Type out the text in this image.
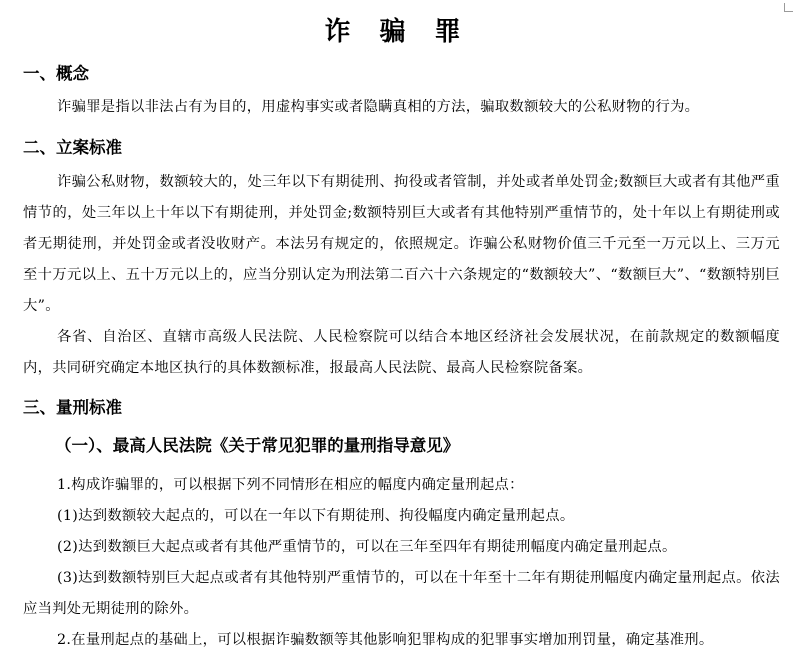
诈 骗 罪
一、概念
诈骗罪是指以非法占有为目的，用虚构事实或者隐瞒真相的方法，骗取数额较大的公私财物的行为。
二、立案标准
诈骗公私财物，数额较大的，处三年以下有期徒刑、拘役或者管制，并处或者单处罚金;数额巨大或者有其他严重情节的，处三年以上十年以下有期徒刑，并处罚金;数额特别巨大或者有其他特别严重情节的，处十年以上有期徒刑或者无期徒刑，并处罚金或者没收财产。本法另有规定的，依照规定。诈骗公私财物价值三千元至一万元以上、三万元至十万元以上、五十万元以上的，应当分别认定为刑法第二百六十六条规定的“数额较大”、“数额巨大”、“数额特别巨大”。
各省、自治区、直辖市高级人民法院、人民检察院可以结合本地区经济社会发展状况，在前款规定的数额幅度内，共同研究确定本地区执行的具体数额标准，报最高人民法院、最高人民检察院备案。
三、量刑标准
（一）、最高人民法院《关于常见犯罪的量刑指导意见》
1.构成诈骗罪的，可以根据下列不同情形在相应的幅度内确定量刑起点：
(1)达到数额较大起点的，可以在一年以下有期徒刑、拘役幅度内确定量刑起点。
(2)达到数额巨大起点或者有其他严重情节的，可以在三年至四年有期徒刑幅度内确定量刑起点。
(3)达到数额特别巨大起点或者有其他特别严重情节的，可以在十年至十二年有期徒刑幅度内确定量刑起点。依法应当判处无期徒刑的除外。
2.在量刑起点的基础上，可以根据诈骗数额等其他影响犯罪构成的犯罪事实增加刑罚量，确定基准刑。
